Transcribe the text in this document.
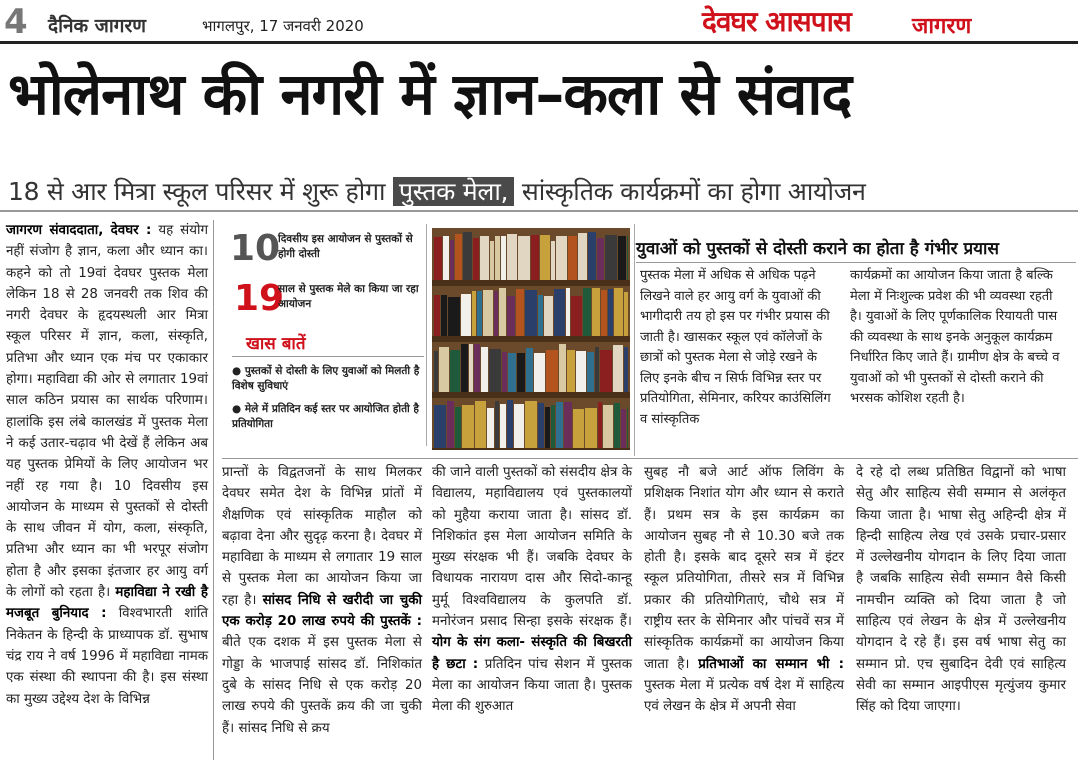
4 दैनिक जागरण	भागलपुर, 17 जनवरी 2020	देवघर आसपास	जागरण
भोलेनाथ की नगरी में ज्ञान–कला से संवाद
18 से आर मित्रा स्कूल परिसर में शुरू होगा पुस्तक मेला, सांस्कृतिक कार्यक्रमों का होगा आयोजन
जागरण संवाददाता, देवघर : यह संयोग नहीं संजोग है ज्ञान, कला और ध्यान का। कहने को तो 19वां देवघर पुस्तक मेला लेकिन 18 से 28 जनवरी तक शिव की नगरी देवघर के हृदयस्थली आर मित्रा स्कूल परिसर में ज्ञान, कला, संस्कृति, प्रतिभा और ध्यान एक मंच पर एकाकार होगा। महाविद्या की ओर से लगातार 19वां साल कठिन प्रयास का सार्थक परिणाम। हालांकि इस लंबे कालखंड में पुस्तक मेला ने कई उतार-चढ़ाव भी देखें हैं लेकिन अब यह पुस्तक प्रेमियों के लिए आयोजन भर नहीं रह गया है। 10 दिवसीय इस आयोजन के माध्यम से पुस्तकों से दोस्ती के साथ जीवन में योग, कला, संस्कृति, प्रतिभा और ध्यान का भी भरपूर संजोग होता है और इसका इंतजार हर आयु वर्ग के लोगों को रहता है। महाविद्या ने रखी है मजबूत बुनियाद : विश्वभारती शांति निकेतन के हिन्दी के प्राध्यापक डॉ. सुभाष चंद्र राय ने वर्ष 1996 में महाविद्या नामक एक संस्था की स्थापना की है। इस संस्था का मुख्य उद्देश्य देश के विभिन्न
10
दिवसीय इस आयोजन से पुस्तकों से होगी दोस्ती
19
साल से पुस्तक मेले का किया जा रहा आयोजन
खास बातें
● पुस्तकों से दोस्ती के लिए युवाओं को मिलती है विशेष सुविधाएं
● मेले में प्रतिदिन कई स्तर पर आयोजित होती है प्रतियोगिता
युवाओं को पुस्तकों से दोस्ती कराने का होता है गंभीर प्रयास
पुस्तक मेला में अधिक से अधिक पढ़ने लिखने वाले हर आयु वर्ग के युवाओं की भागीदारी तय हो इस पर गंभीर प्रयास की जाती है। खासकर स्कूल एवं कॉलेजों के छात्रों को पुस्तक मेला से जोड़े रखने के लिए इनके बीच न सिर्फ विभिन्न स्तर पर प्रतियोगिता, सेमिनार, करियर काउंसिलिंग व सांस्कृतिक
कार्यक्रमों का आयोजन किया जाता है बल्कि मेला में निःशुल्क प्रवेश की भी व्यवस्था रहती है। युवाओं के लिए पूर्णकालिक रियायती पास की व्यवस्था के साथ इनके अनुकूल कार्यक्रम निर्धारित किए जाते हैं। ग्रामीण क्षेत्र के बच्चे व युवाओं को भी पुस्तकों से दोस्ती कराने की भरसक कोशिश रहती है।
प्रान्तों के विद्वतजनों के साथ मिलकर देवघर समेत देश के विभिन्न प्रांतों में शैक्षणिक एवं सांस्कृतिक माहौल को बढ़ावा देना और सुदृढ़ करना है। देवघर में महाविद्या के माध्यम से लगातार 19 साल से पुस्तक मेला का आयोजन किया जा रहा है। सांसद निधि से खरीदी जा चुकी एक करोड़ 20 लाख रुपये की पुस्तकें : बीते एक दशक में इस पुस्तक मेला से गोड्डा के भाजपाई सांसद डॉ. निशिकांत दुबे के सांसद निधि से एक करोड़ 20 लाख रुपये की पुस्तकें क्रय की जा चुकी हैं। सांसद निधि से क्रय
की जाने वाली पुस्तकों को संसदीय क्षेत्र के विद्यालय, महाविद्यालय एवं पुस्तकालयों को मुहैया कराया जाता है। सांसद डॉ. निशिकांत इस मेला आयोजन समिति के मुख्य संरक्षक भी हैं। जबकि देवघर के विधायक नारायण दास और सिदो-कान्हू मुर्मू विश्वविद्यालय के कुलपति डॉ. मनोरंजन प्रसाद सिन्हा इसके संरक्षक हैं। योग के संग कला- संस्कृति की बिखरती है छटा : प्रतिदिन पांच सेशन में पुस्तक मेला का आयोजन किया जाता है। पुस्तक मेला की शुरुआत
सुबह नौ बजे आर्ट ऑफ लिविंग के प्रशिक्षक निशांत योग और ध्यान से कराते हैं। प्रथम सत्र के इस कार्यक्रम का आयोजन सुबह नौ से 10.30 बजे तक होती है। इसके बाद दूसरे सत्र में इंटर स्कूल प्रतियोगिता, तीसरे सत्र में विभिन्न प्रकार की प्रतियोगिताएं, चौथे सत्र में राष्ट्रीय स्तर के सेमिनार और पांचवें सत्र में सांस्कृतिक कार्यक्रमों का आयोजन किया जाता है। प्रतिभाओं का सम्मान भी : पुस्तक मेला में प्रत्येक वर्ष देश में साहित्य एवं लेखन के क्षेत्र में अपनी सेवा
दे रहे दो लब्ध प्रतिष्ठित विद्वानों को भाषा सेतु और साहित्य सेवी सम्मान से अलंकृत किया जाता है। भाषा सेतु अहिन्दी क्षेत्र में हिन्दी साहित्य लेख एवं उसके प्रचार-प्रसार में उल्लेखनीय योगदान के लिए दिया जाता है जबकि साहित्य सेवी सम्मान वैसे किसी नामचीन व्यक्ति को दिया जाता है जो साहित्य एवं लेखन के क्षेत्र में उल्लेखनीय योगदान दे रहे हैं। इस वर्ष भाषा सेतु का सम्मान प्रो. एच सुबादिन देवी एवं साहित्य सेवी का सम्मान आइपीएस मृत्युंजय कुमार सिंह को दिया जाएगा।
